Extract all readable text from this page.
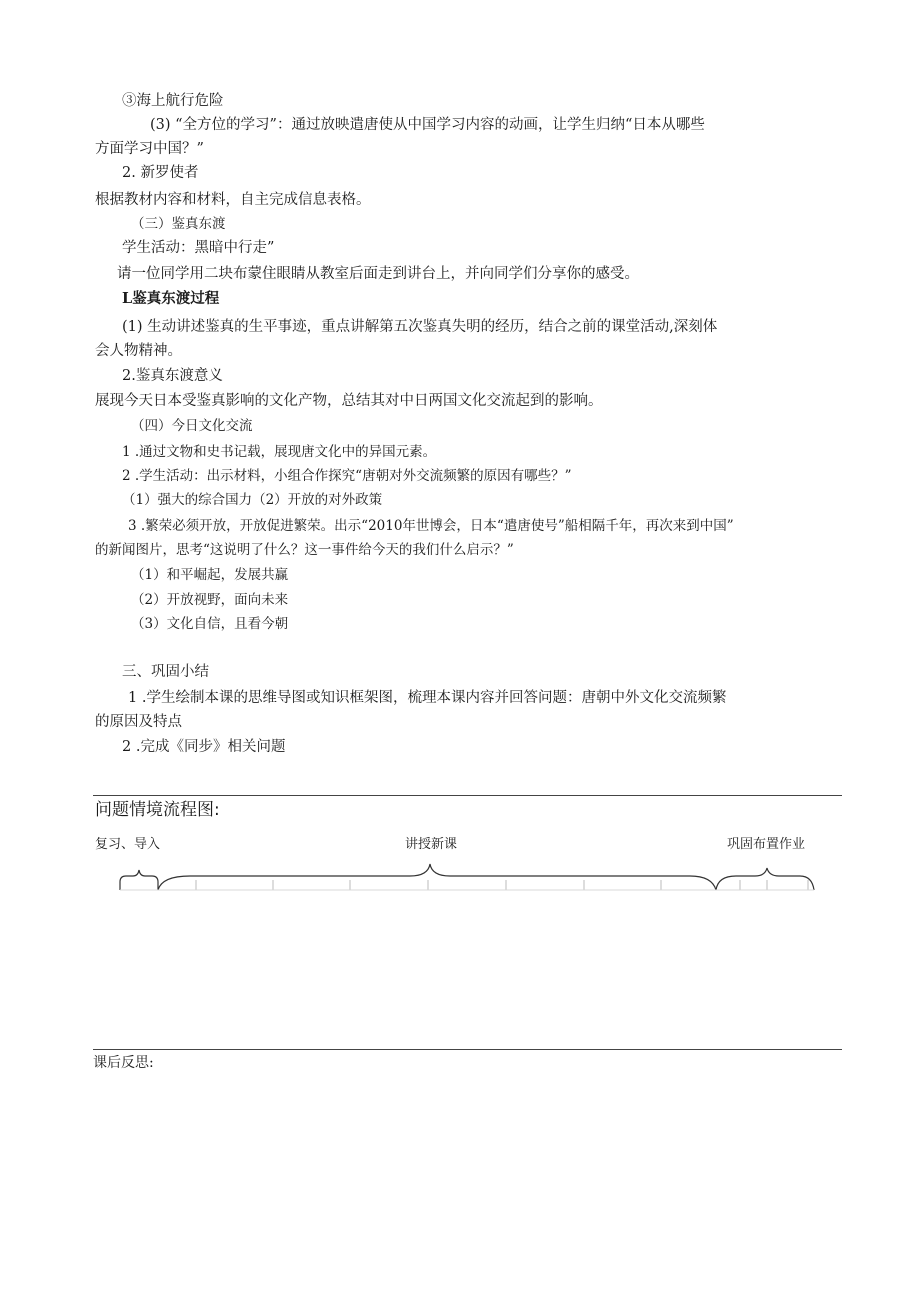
③海上航行危险
(3) “全方位的学习”：通过放映遣唐使从中国学习内容的动画，让学生归纳“日本从哪些
方面学习中国？”
2. 新罗使者
根据教材内容和材料，自主完成信息表格。
（三）鉴真东渡
学生活动：黑暗中行走”
请一位同学用二块布蒙住眼睛从教室后面走到讲台上，并向同学们分享你的感受。
L鉴真东渡过程
(1) 生动讲述鉴真的生平事迹，重点讲解第五次鉴真失明的经历，结合之前的课堂活动,深刻体
会人物精神。
2.鉴真东渡意义
展现今天日本受鉴真影响的文化产物，总结其对中日两国文化交流起到的影响。
（四）今日文化交流
1 .通过文物和史书记载，展现唐文化中的异国元素。
2 .学生活动：出示材料，小组合作探究“唐朝对外交流频繁的原因有哪些？”
（1）强大的综合国力（2）开放的对外政策
3 .繁荣必须开放，开放促进繁荣。出示“2010年世博会，日本“遣唐使号”船相隔千年，再次来到中国”
的新闻图片，思考“这说明了什么？这一事件给今天的我们什么启示？”
（1）和平崛起，发展共赢
（2）开放视野，面向未来
（3）文化自信，且看今朝
三、巩固小结
1 .学生绘制本课的思维导图或知识框架图，梳理本课内容并回答问题：唐朝中外文化交流频繁
的原因及特点
2 .完成《同步》相关问题
问题情境流程图:
复习、导入	讲授新课	巩固布置作业
课后反思:
